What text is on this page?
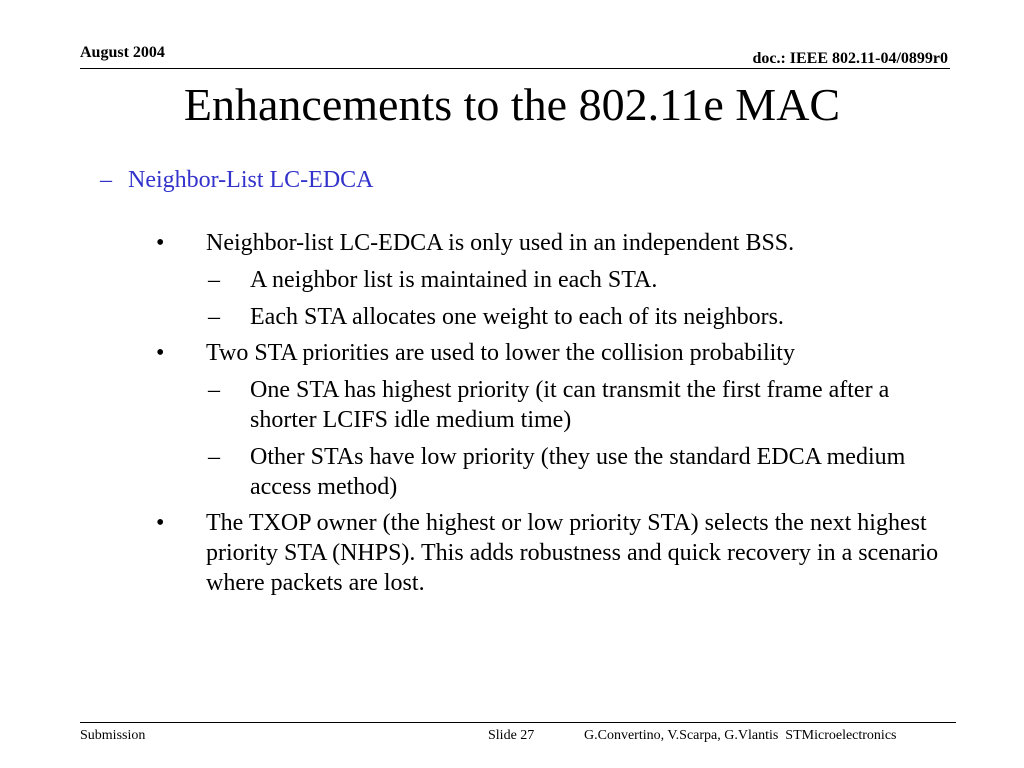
August 2004	doc.: IEEE 802.11-04/0899r0
Enhancements to the 802.11e MAC
– Neighbor-List LC-EDCA
•	Neighbor-list LC-EDCA is only used in an independent BSS.
–	A neighbor list is maintained in each STA.
–	Each STA allocates one weight to each of its neighbors.
•	Two STA priorities are used to lower the collision probability
–	One STA has highest priority (it can transmit the first frame after a shorter LCIFS idle medium time)
–	Other STAs have low priority (they use the standard EDCA medium access method)
•	The TXOP owner (the highest or low priority STA) selects the next highest priority STA (NHPS). This adds robustness and quick recovery in a scenario where packets are lost.
Submission	Slide 27	G.Convertino, V.Scarpa, G.Vlantis  STMicroelectronics
